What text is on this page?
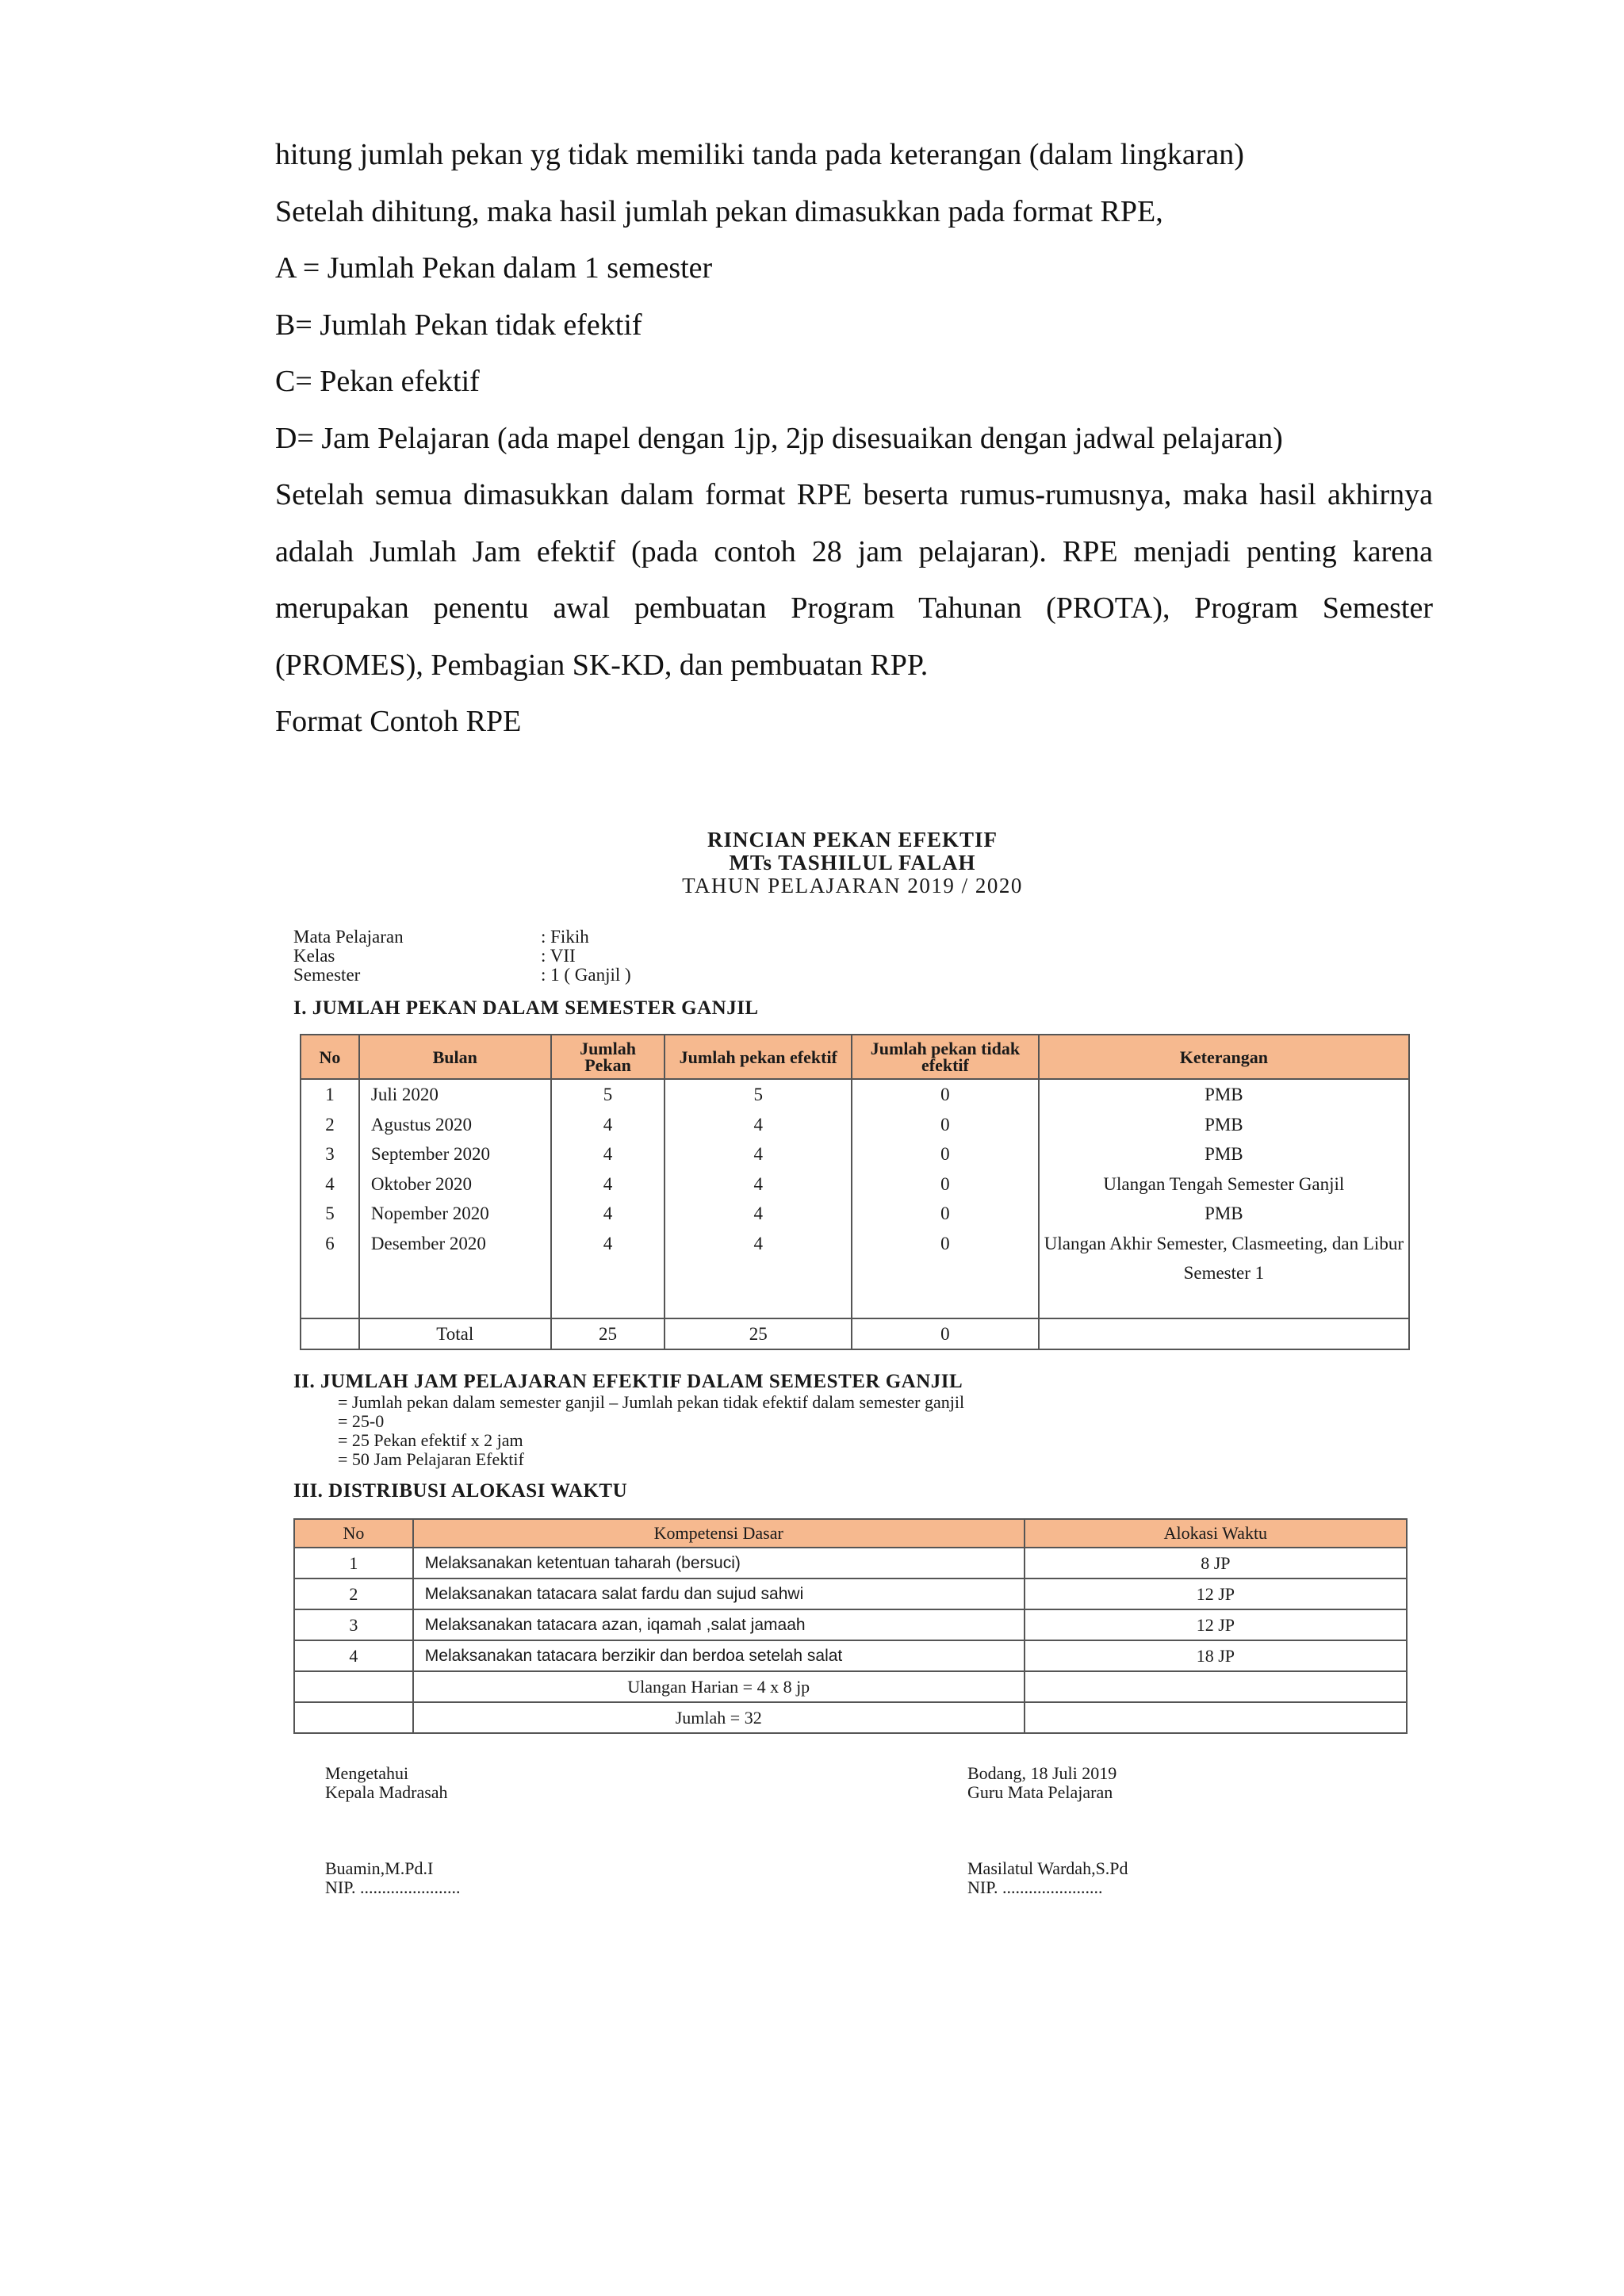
hitung jumlah pekan yg tidak memiliki tanda pada keterangan (dalam lingkaran)

Setelah dihitung, maka hasil jumlah pekan dimasukkan pada format RPE,

A = Jumlah Pekan dalam 1 semester

B= Jumlah Pekan tidak efektif

C= Pekan efektif

D= Jam Pelajaran (ada mapel dengan 1jp, 2jp disesuaikan dengan jadwal pelajaran)

Setelah semua dimasukkan dalam format RPE beserta rumus-rumusnya, maka hasil akhirnya adalah Jumlah Jam efektif (pada contoh 28 jam pelajaran). RPE menjadi penting karena merupakan penentu awal pembuatan Program Tahunan (PROTA), Program Semester (PROMES), Pembagian SK-KD, dan pembuatan RPP.

Format Contoh RPE

RINCIAN PEKAN EFEKTIF
MTs TASHILUL FALAH
TAHUN PELAJARAN 2019 / 2020
Mata Pelajaran	: Fikih
Kelas	: VII
Semester	: 1 ( Ganjil )
I. JUMLAH PEKAN DALAM SEMESTER GANJIL
No	Bulan	Jumlah Pekan	Jumlah pekan efektif	Jumlah pekan tidak efektif	Keterangan
1	Juli 2020	5	5	0	PMB
2	Agustus 2020	4	4	0	PMB
3	September 2020	4	4	0	PMB
4	Oktober 2020	4	4	0	Ulangan Tengah Semester Ganjil
5	Nopember 2020	4	4	0	PMB
6	Desember 2020	4	4	0	Ulangan Akhir Semester, Clasmeeting, dan Libur Semester 1
	Total	25	25	0	
II. JUMLAH JAM PELAJARAN EFEKTIF DALAM SEMESTER GANJIL
= Jumlah pekan dalam semester ganjil – Jumlah pekan tidak efektif dalam semester ganjil
= 25-0
= 25 Pekan efektif x 2 jam
= 50 Jam Pelajaran Efektif
III. DISTRIBUSI ALOKASI WAKTU
No	Kompetensi Dasar	Alokasi Waktu
1	Melaksanakan ketentuan taharah (bersuci)	8 JP
2	Melaksanakan tatacara salat fardu dan sujud sahwi	12 JP
3	Melaksanakan tatacara azan, iqamah ,salat jamaah	12 JP
4	Melaksanakan tatacara berzikir dan berdoa setelah salat	18 JP
	Ulangan Harian = 4 x 8 jp	
	Jumlah = 32	
Mengetahui
Kepala Madrasah
Buamin,M.Pd.I
NIP. .......................
Bodang, 18 Juli 2019
Guru Mata Pelajaran
Masilatul Wardah,S.Pd
NIP. .......................
